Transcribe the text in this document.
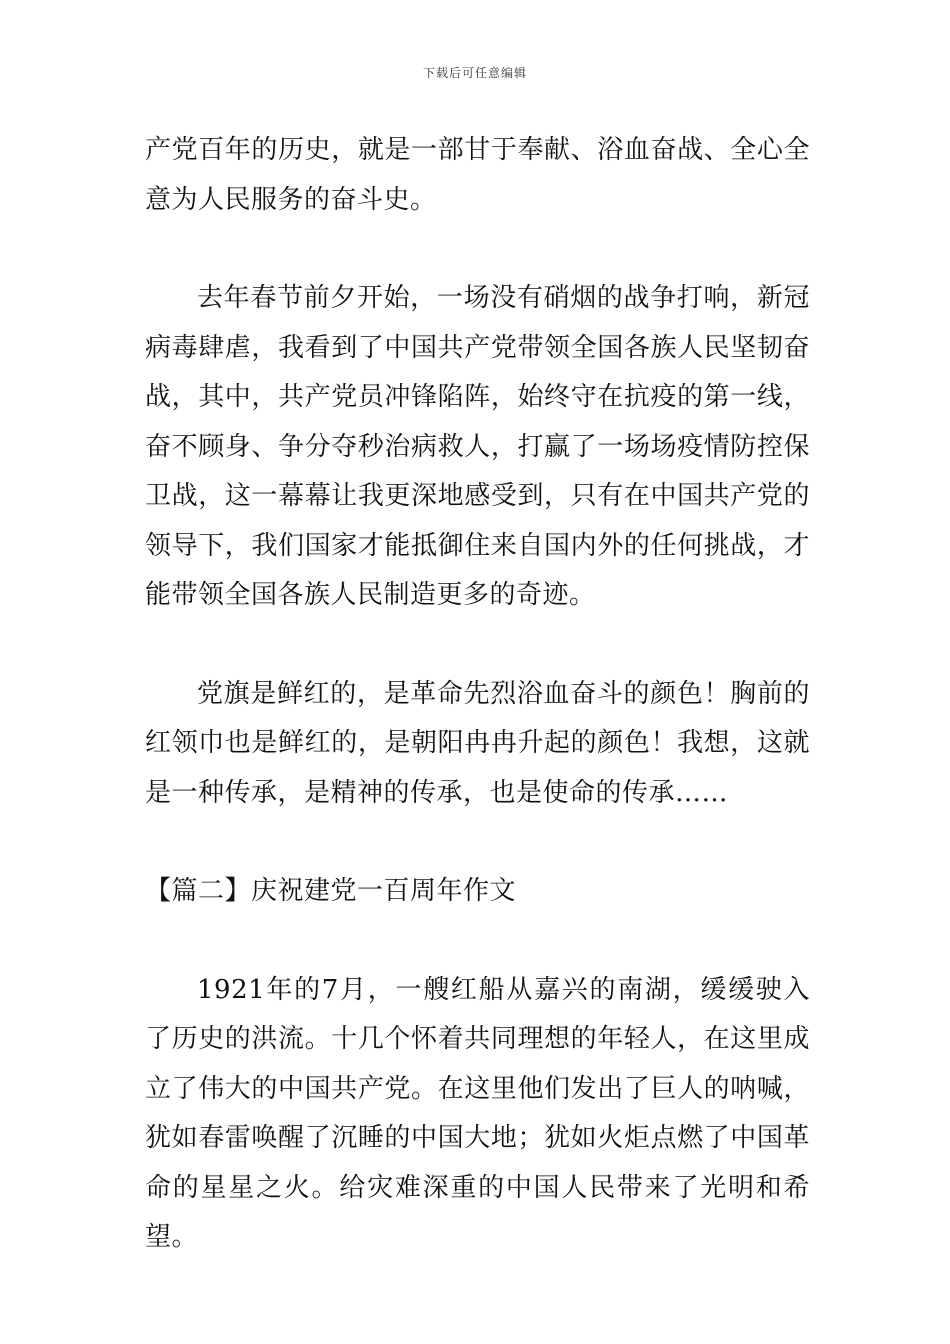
下载后可任意编辑

产党百年的历史，就是一部甘于奉献、浴血奋战、全心全意为人民服务的奋斗史。

去年春节前夕开始，一场没有硝烟的战争打响，新冠病毒肆虐，我看到了中国共产党带领全国各族人民坚韧奋战，其中，共产党员冲锋陷阵，始终守在抗疫的第一线，奋不顾身、争分夺秒治病救人，打赢了一场场疫情防控保卫战，这一幕幕让我更深地感受到，只有在中国共产党的领导下，我们国家才能抵御住来自国内外的任何挑战，才能带领全国各族人民制造更多的奇迹。

党旗是鲜红的，是革命先烈浴血奋斗的颜色！胸前的红领巾也是鲜红的，是朝阳冉冉升起的颜色！我想，这就是一种传承，是精神的传承，也是使命的传承……

【篇二】庆祝建党一百周年作文

1921年的7月，一艘红船从嘉兴的南湖，缓缓驶入了历史的洪流。十几个怀着共同理想的年轻人，在这里成立了伟大的中国共产党。在这里他们发出了巨人的呐喊，犹如春雷唤醒了沉睡的中国大地；犹如火炬点燃了中国革命的星星之火。给灾难深重的中国人民带来了光明和希望。
